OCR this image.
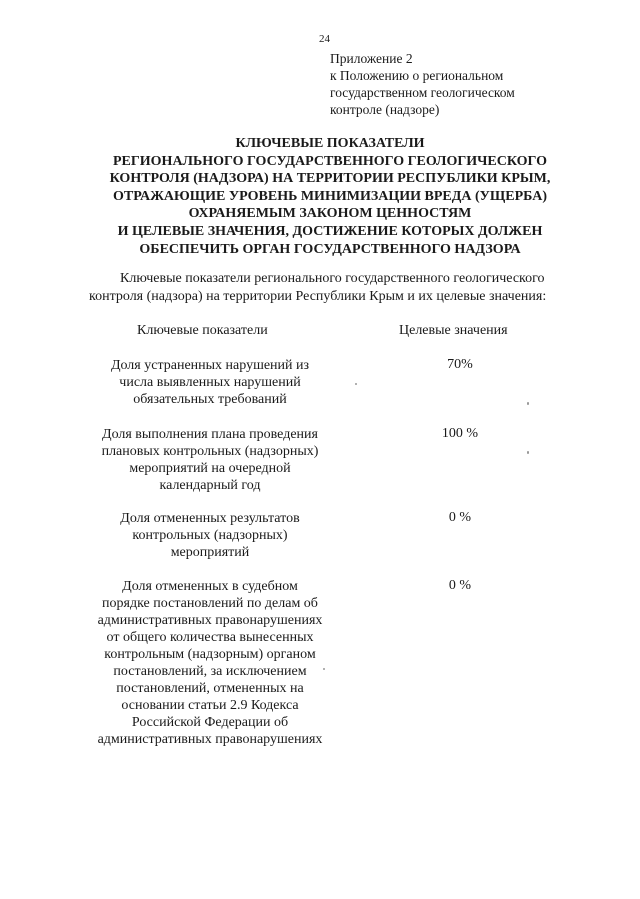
24
Приложение 2
к Положению о региональном
государственном геологическом
контроле (надзоре)
КЛЮЧЕВЫЕ ПОКАЗАТЕЛИ
РЕГИОНАЛЬНОГО ГОСУДАРСТВЕННОГО ГЕОЛОГИЧЕСКОГО
КОНТРОЛЯ (НАДЗОРА) НА ТЕРРИТОРИИ РЕСПУБЛИКИ КРЫМ,
ОТРАЖАЮЩИЕ УРОВЕНЬ МИНИМИЗАЦИИ ВРЕДА (УЩЕРБА)
ОХРАНЯЕМЫМ ЗАКОНОМ ЦЕННОСТЯМ
И ЦЕЛЕВЫЕ ЗНАЧЕНИЯ, ДОСТИЖЕНИЕ КОТОРЫХ ДОЛЖЕН
ОБЕСПЕЧИТЬ ОРГАН ГОСУДАРСТВЕННОГО НАДЗОРА
Ключевые показатели регионального государственного геологического
контроля (надзора) на территории Республики Крым и их целевые значения:
Ключевые показатели	Целевые значения
Доля устраненных нарушений из
числа выявленных нарушений
обязательных требований
70%
Доля выполнения плана проведения
плановых контрольных (надзорных)
мероприятий на очередной
календарный год
100 %
Доля отмененных результатов
контрольных (надзорных)
мероприятий
0 %
Доля отмененных в судебном
порядке постановлений по делам об
административных правонарушениях
от общего количества вынесенных
контрольным (надзорным) органом
постановлений, за исключением
постановлений, отмененных на
основании статьи 2.9 Кодекса
Российской Федерации об
административных правонарушениях
0 %
